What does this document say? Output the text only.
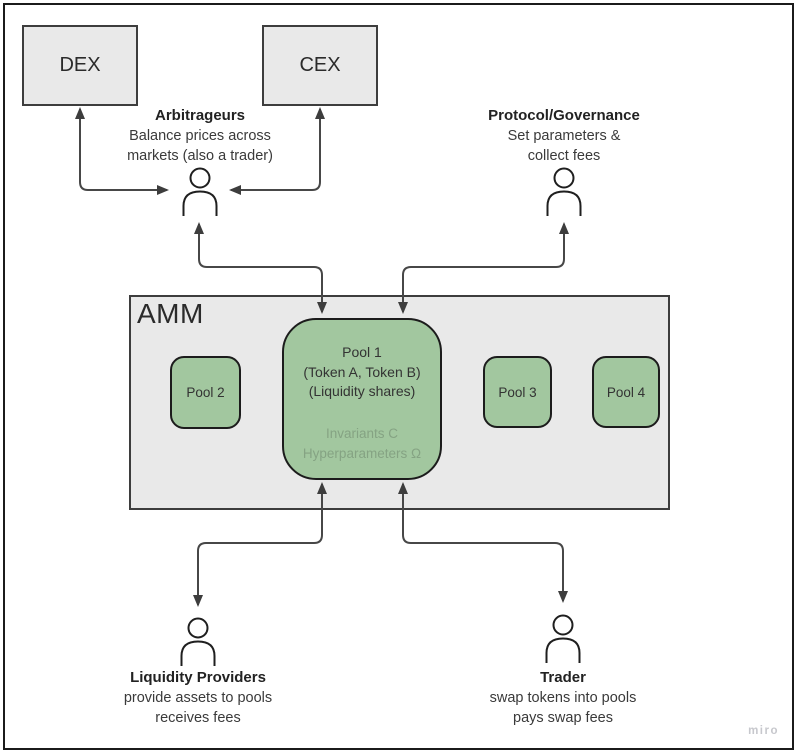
DEX	CEX
Arbitrageurs
Balance prices across
markets (also a trader)
Protocol/Governance
Set parameters &
collect fees
Liquidity Providers
provide assets to pools
receives fees
Trader
swap tokens into pools
pays swap fees
AMM
Pool 1
(Token A, Token B)
(Liquidity shares)
Invariants C
Hyperparameters Ω
Pool 2	Pool 3	Pool 4
miro
